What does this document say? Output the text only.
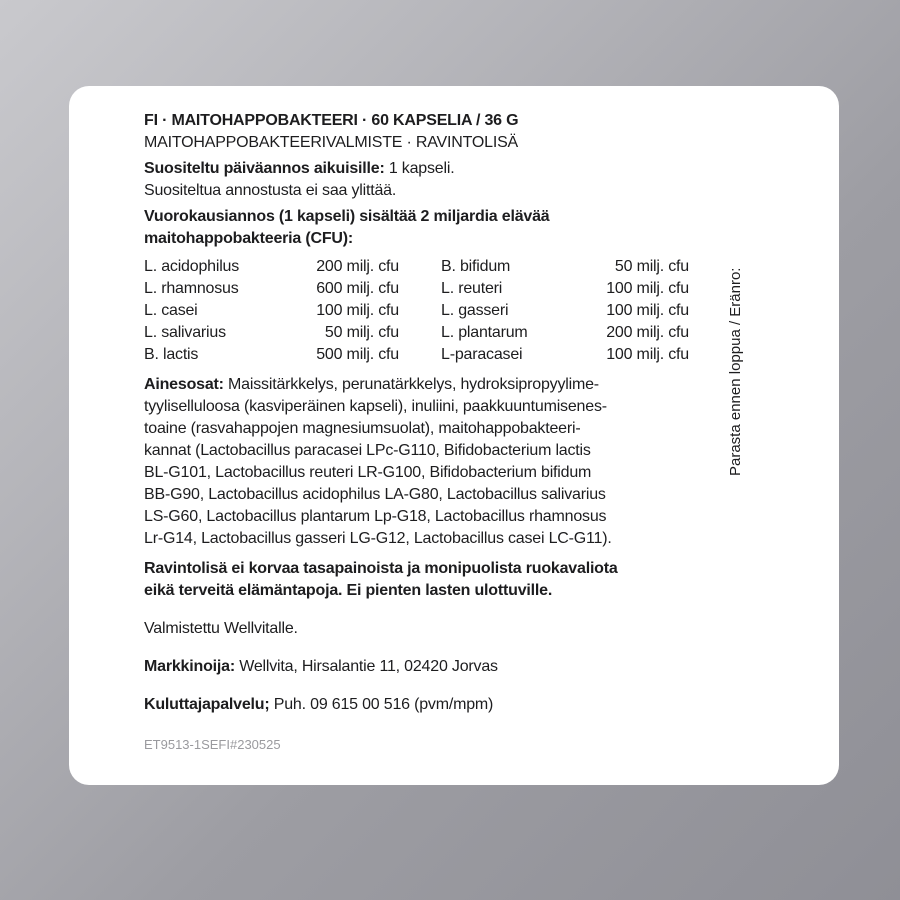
FI · MAITOHAPPOBAKTEERI · 60 KAPSELIA / 36 G

MAITOHAPPOBAKTEERIVALMISTE · RAVINTOLISÄ

Suositeltu päiväannos aikuisille: 1 kapseli.

Suositeltua annostusta ei saa ylittää.

Vuorokausiannos (1 kapseli) sisältää 2 miljardia elävää

maitohappobakteeria (CFU):

L. acidophilus	200 milj. cfu	B. bifidum	50 milj. cfu
L. rhamnosus	600 milj. cfu	L. reuteri	100 milj. cfu
L. casei	100 milj. cfu	L. gasseri	100 milj. cfu
L. salivarius	50 milj. cfu	L. plantarum	200 milj. cfu
B. lactis	500 milj. cfu	L-paracasei	100 milj. cfu
Ainesosat: Maissitärkkelys, perunatärkkelys, hydroksipropyylime-
tyyliselluloosa (kasviperäinen kapseli), inuliini, paakkuuntumisenes-
toaine (rasvahappojen magnesiumsuolat), maitohappobakteeri-
kannat (Lactobacillus paracasei LPc-G110, Bifidobacterium lactis
BL-G101, Lactobacillus reuteri LR-G100, Bifidobacterium bifidum
BB-G90, Lactobacillus acidophilus LA-G80, Lactobacillus salivarius
LS-G60, Lactobacillus plantarum Lp-G18, Lactobacillus rhamnosus
Lr-G14, Lactobacillus gasseri LG-G12, Lactobacillus casei LC-G11).

Ravintolisä ei korvaa tasapainoista ja monipuolista ruokavaliota

eikä terveitä elämäntapoja. Ei pienten lasten ulottuville.

Valmistettu Wellvitalle.

Markkinoija: Wellvita, Hirsalantie 11, 02420 Jorvas

Kuluttajapalvelu; Puh. 09 615 00 516 (pvm/mpm)

ET9513-1SEFI#230525

Parasta ennen loppua / Eränro:
